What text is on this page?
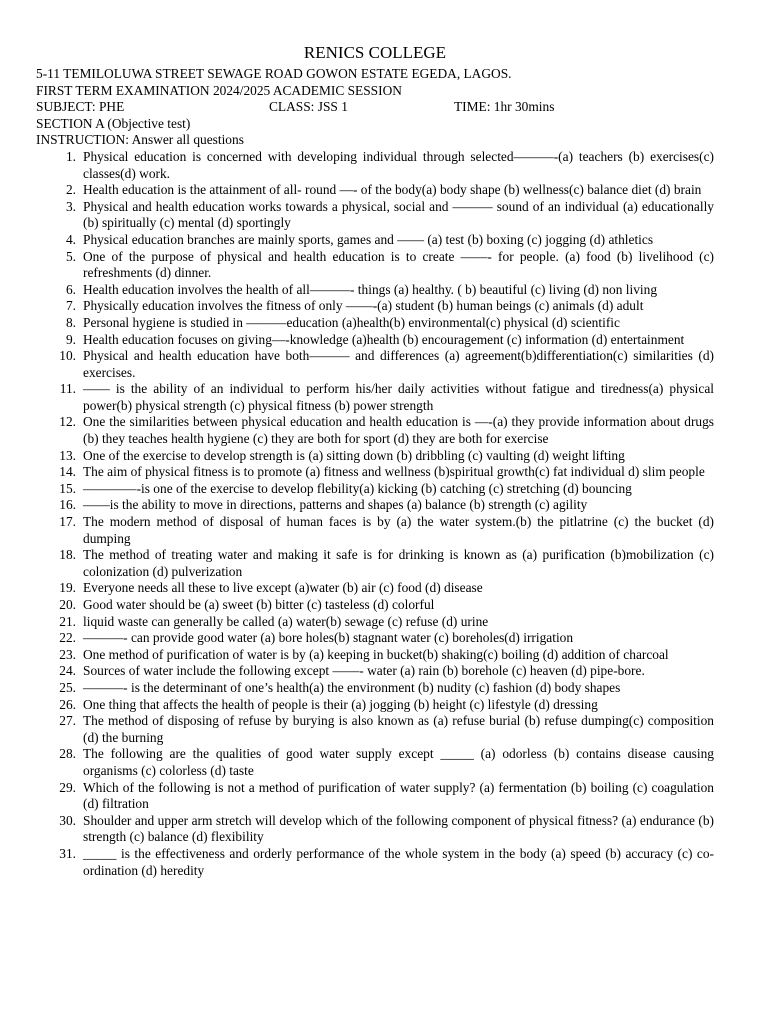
RENICS COLLEGE
5-11 TEMILOLUWA STREET SEWAGE ROAD GOWON ESTATE EGEDA, LAGOS.
FIRST TERM EXAMINATION 2024/2025 ACADEMIC SESSION
SUBJECT: PHE	CLASS: JSS 1	TIME: 1hr 30mins
SECTION A (Objective test)
INSTRUCTION: Answer all questions
1. Physical education is concerned with developing individual through selected———-(a) teachers (b) exercises(c) classes(d) work.
2. Health education is the attainment of all- round —- of the body(a) body shape (b) wellness(c) balance diet (d) brain
3. Physical and health education works towards a physical, social and ——— sound of an individual (a) educationally (b) spiritually (c) mental (d) sportingly
4. Physical education branches are mainly sports, games and —— (a) test (b) boxing (c) jogging (d) athletics
5. One of the purpose of physical and health education is to create ——- for people. (a) food (b) livelihood (c) refreshments (d) dinner.
6. Health education involves the health of all———- things (a) healthy. ( b) beautiful (c) living (d) non living
7. Physically education involves the fitness of only ——-(a) student (b) human beings (c) animals (d) adult
8. Personal hygiene is studied in ———education (a)health(b) environmental(c) physical (d) scientific
9. Health education focuses on giving—-knowledge (a)health (b) encouragement (c) information (d) entertainment
10. Physical and health education have both——— and differences (a) agreement(b)differentiation(c) similarities (d) exercises.
11. —— is the ability of an individual to perform his/her daily activities without fatigue and tiredness(a) physical power(b) physical strength (c) physical fitness (b) power strength
12. One the similarities between physical education and health education is —-(a) they provide information about drugs (b) they teaches health hygiene (c) they are both for sport (d) they are both for exercise
13. One of the exercise to develop strength is (a) sitting down (b) dribbling (c) vaulting (d) weight lifting
14. The aim of physical fitness is to promote (a) fitness and wellness (b)spiritual growth(c) fat individual d) slim people
15. ————-is one of the exercise to develop flebility(a) kicking (b) catching (c) stretching (d) bouncing
16. ——is the ability to move in directions, patterns and shapes (a) balance (b) strength (c) agility
17. The modern method of disposal of human faces is by (a) the water system.(b) the pitlatrine (c) the bucket (d) dumping
18. The method of treating water and making it safe is for drinking is known as (a) purification (b)mobilization (c) colonization (d) pulverization
19. Everyone needs all these to live except (a)water (b) air (c) food (d) disease
20. Good water should be (a) sweet (b) bitter (c) tasteless (d) colorful
21. liquid waste can generally be called (a) water(b) sewage (c) refuse (d) urine
22. ———- can provide good water (a) bore holes(b) stagnant water (c) boreholes(d) irrigation
23. One method of purification of water is by (a) keeping in bucket(b) shaking(c) boiling (d) addition of charcoal
24. Sources of water include the following except ——- water (a) rain (b) borehole (c) heaven (d) pipe-bore.
25. ———- is the determinant of one’s health(a) the environment (b) nudity (c) fashion (d) body shapes
26. One thing that affects the health of people is their (a) jogging (b) height (c) lifestyle (d) dressing
27. The method of disposing of refuse by burying is also known as (a) refuse burial (b) refuse dumping(c) composition (d) the burning
28. The following are the qualities of good water supply except _____ (a) odorless (b) contains disease causing organisms (c) colorless (d) taste
29. Which of the following is not a method of purification of water supply? (a) fermentation (b) boiling (c) coagulation (d) filtration
30. Shoulder and upper arm stretch will develop which of the following component of physical fitness? (a) endurance (b) strength (c) balance (d) flexibility
31. _____ is the effectiveness and orderly performance of the whole system in the body (a) speed (b) accuracy (c) co-ordination (d) heredity
